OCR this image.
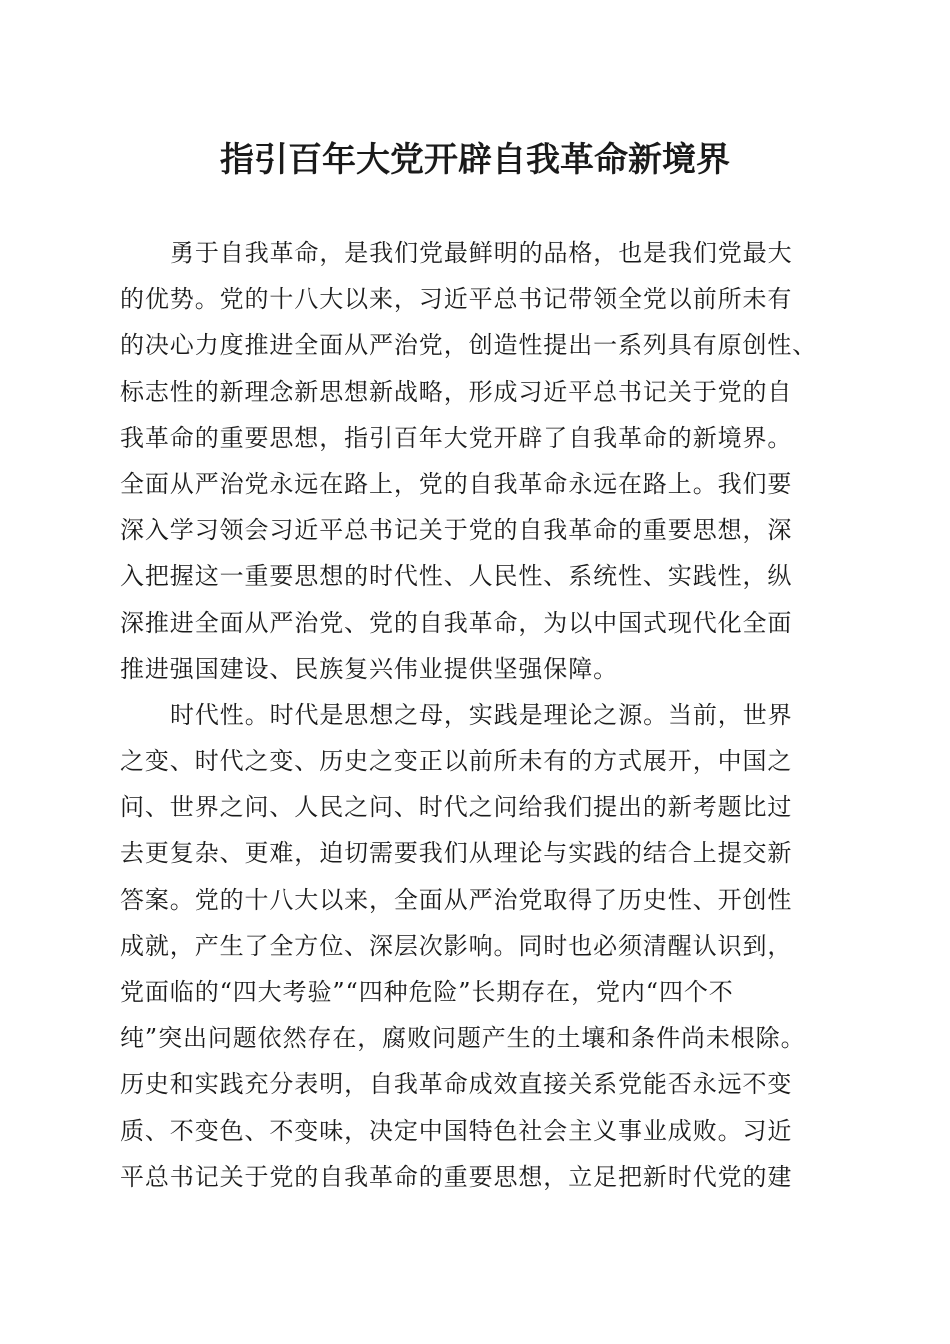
指引百年大党开辟自我革命新境界
勇于自我革命，是我们党最鲜明的品格，也是我们党最大
的优势。党的十八大以来，习近平总书记带领全党以前所未有
的决心力度推进全面从严治党，创造性提出一系列具有原创性、
标志性的新理念新思想新战略，形成习近平总书记关于党的自
我革命的重要思想，指引百年大党开辟了自我革命的新境界。
全面从严治党永远在路上，党的自我革命永远在路上。我们要
深入学习领会习近平总书记关于党的自我革命的重要思想，深
入把握这一重要思想的时代性、人民性、系统性、实践性，纵
深推进全面从严治党、党的自我革命，为以中国式现代化全面
推进强国建设、民族复兴伟业提供坚强保障。
时代性。时代是思想之母，实践是理论之源。当前，世界
之变、时代之变、历史之变正以前所未有的方式展开，中国之
问、世界之问、人民之问、时代之问给我们提出的新考题比过
去更复杂、更难，迫切需要我们从理论与实践的结合上提交新
答案。党的十八大以来，全面从严治党取得了历史性、开创性
成就，产生了全方位、深层次影响。同时也必须清醒认识到，
党面临的“四大考验”“四种危险”长期存在，党内“四个不
纯”突出问题依然存在，腐败问题产生的土壤和条件尚未根除。
历史和实践充分表明，自我革命成效直接关系党能否永远不变
质、不变色、不变味，决定中国特色社会主义事业成败。习近
平总书记关于党的自我革命的重要思想，立足把新时代党的建
